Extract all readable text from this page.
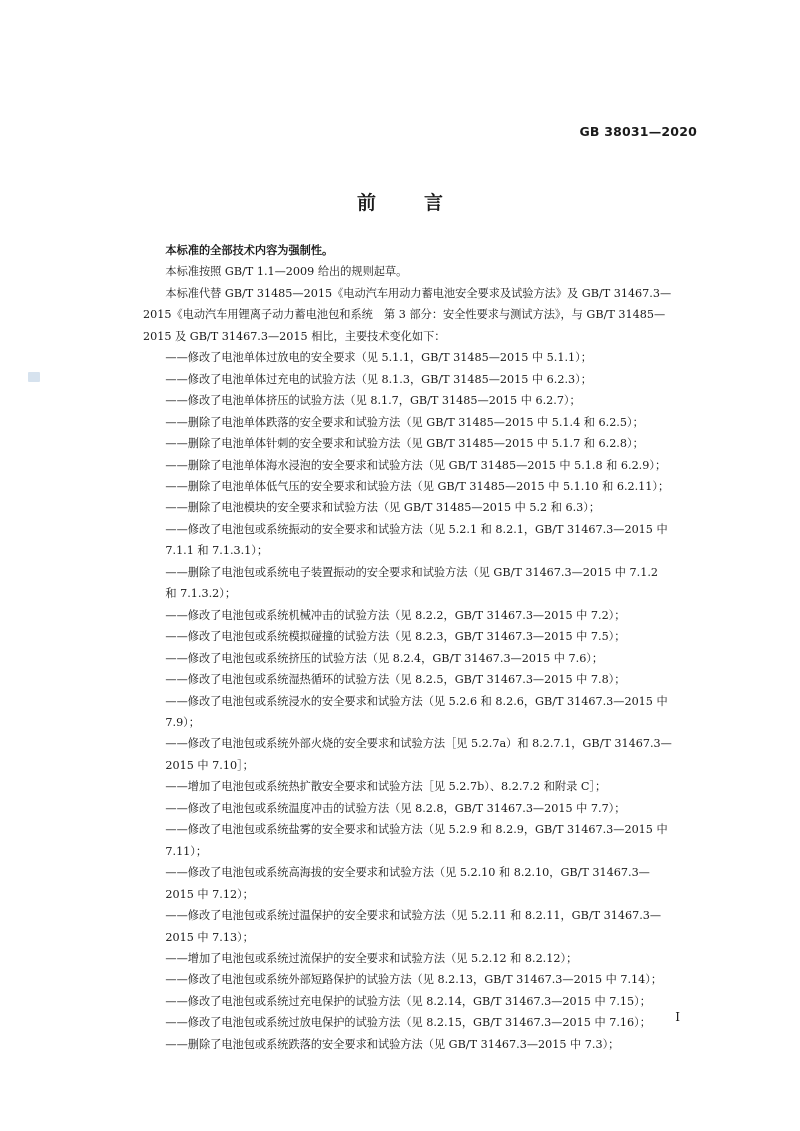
GB 38031—2020
前言

本标准的全部技术内容为强制性。

本标准按照 GB/T 1.1—2009 给出的规则起草。

本标准代替 GB/T 31485—2015《电动汽车用动力蓄电池安全要求及试验方法》及 GB/T 31467.3—

2015《电动汽车用锂离子动力蓄电池包和系统　第 3 部分：安全性要求与测试方法》，与 GB/T 31485—

2015 及 GB/T 31467.3—2015 相比，主要技术变化如下：

——修改了电池单体过放电的安全要求（见 5.1.1，GB/T 31485—2015 中 5.1.1）；

——修改了电池单体过充电的试验方法（见 8.1.3，GB/T 31485—2015 中 6.2.3）；

——修改了电池单体挤压的试验方法（见 8.1.7，GB/T 31485—2015 中 6.2.7）；

——删除了电池单体跌落的安全要求和试验方法（见 GB/T 31485—2015 中 5.1.4 和 6.2.5）；

——删除了电池单体针刺的安全要求和试验方法（见 GB/T 31485—2015 中 5.1.7 和 6.2.8）；

——删除了电池单体海水浸泡的安全要求和试验方法（见 GB/T 31485—2015 中 5.1.8 和 6.2.9）；

——删除了电池单体低气压的安全要求和试验方法（见 GB/T 31485—2015 中 5.1.10 和 6.2.11）；

——删除了电池模块的安全要求和试验方法（见 GB/T 31485—2015 中 5.2 和 6.3）；

——修改了电池包或系统振动的安全要求和试验方法（见 5.2.1 和 8.2.1，GB/T 31467.3—2015 中

7.1.1 和 7.1.3.1）；

——删除了电池包或系统电子装置振动的安全要求和试验方法（见 GB/T 31467.3—2015 中 7.1.2

和 7.1.3.2）；

——修改了电池包或系统机械冲击的试验方法（见 8.2.2，GB/T 31467.3—2015 中 7.2）；

——修改了电池包或系统模拟碰撞的试验方法（见 8.2.3，GB/T 31467.3—2015 中 7.5）；

——修改了电池包或系统挤压的试验方法（见 8.2.4，GB/T 31467.3—2015 中 7.6）；

——修改了电池包或系统湿热循环的试验方法（见 8.2.5，GB/T 31467.3—2015 中 7.8）；

——修改了电池包或系统浸水的安全要求和试验方法（见 5.2.6 和 8.2.6，GB/T 31467.3—2015 中

7.9）；

——修改了电池包或系统外部火烧的安全要求和试验方法［见 5.2.7a）和 8.2.7.1，GB/T 31467.3—

2015 中 7.10］；

——增加了电池包或系统热扩散安全要求和试验方法［见 5.2.7b）、8.2.7.2 和附录 C］；

——修改了电池包或系统温度冲击的试验方法（见 8.2.8，GB/T 31467.3—2015 中 7.7）；

——修改了电池包或系统盐雾的安全要求和试验方法（见 5.2.9 和 8.2.9，GB/T 31467.3—2015 中

7.11）；

——修改了电池包或系统高海拔的安全要求和试验方法（见 5.2.10 和 8.2.10，GB/T 31467.3—

2015 中 7.12）；

——修改了电池包或系统过温保护的安全要求和试验方法（见 5.2.11 和 8.2.11，GB/T 31467.3—

2015 中 7.13）；

——增加了电池包或系统过流保护的安全要求和试验方法（见 5.2.12 和 8.2.12）；

——修改了电池包或系统外部短路保护的试验方法（见 8.2.13，GB/T 31467.3—2015 中 7.14）；

——修改了电池包或系统过充电保护的试验方法（见 8.2.14，GB/T 31467.3—2015 中 7.15）；

——修改了电池包或系统过放电保护的试验方法（见 8.2.15，GB/T 31467.3—2015 中 7.16）；

——删除了电池包或系统跌落的安全要求和试验方法（见 GB/T 31467.3—2015 中 7.3）；

I
